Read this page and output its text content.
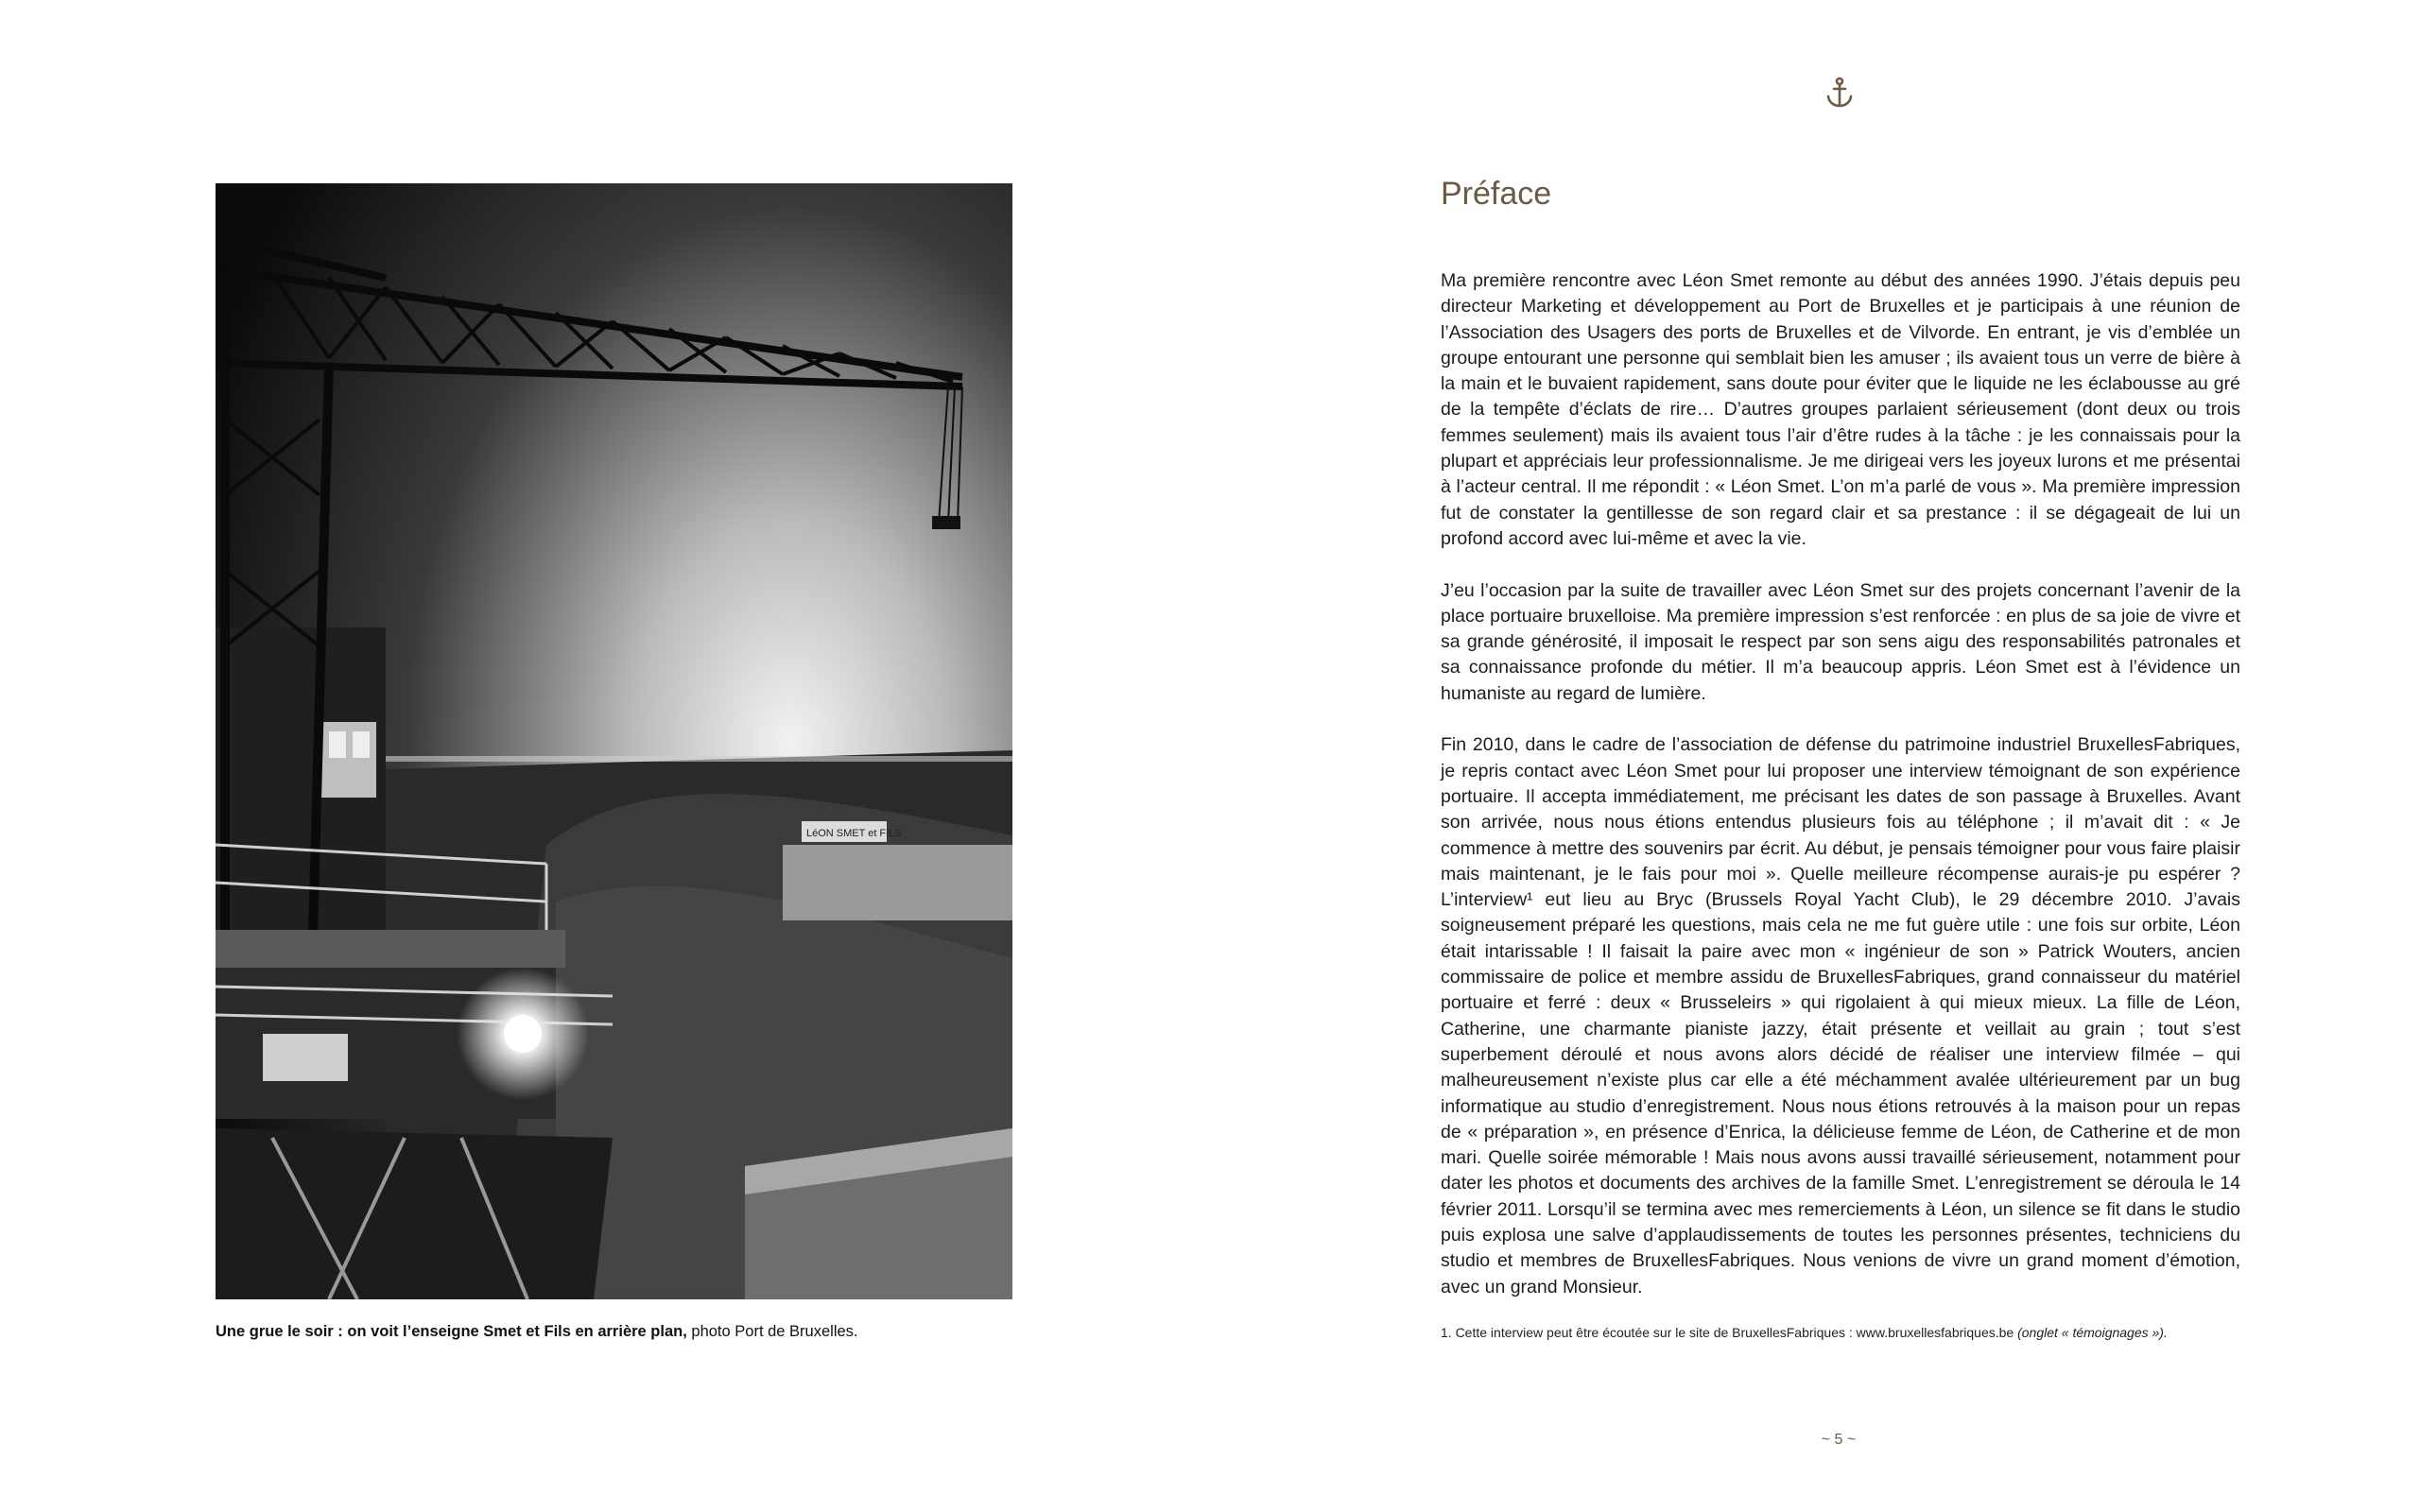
LéON SMET et FILS
Une grue le soir : on voit l’enseigne Smet et Fils en arrière plan, photo Port de Bruxelles.
Préface

Ma première rencontre avec Léon Smet remonte au début des années 1990. J’étais depuis peu directeur Marketing et développement au Port de Bruxelles et je participais à une réunion de l’Association des Usagers des ports de Bruxelles et de Vilvorde. En entrant, je vis d’emblée un groupe entourant une personne qui semblait bien les amuser ; ils avaient tous un verre de bière à la main et le buvaient rapidement, sans doute pour éviter que le liquide ne les éclabousse au gré de la tempête d’éclats de rire… D’autres groupes parlaient sérieusement (dont deux ou trois femmes seulement) mais ils avaient tous l’air d’être rudes à la tâche : je les connaissais pour la plupart et appréciais leur professionnalisme. Je me dirigeai vers les joyeux lurons et me présentai à l’acteur central. Il me répondit : « Léon Smet. L’on m’a parlé de vous ». Ma première impression fut de constater la gentillesse de son regard clair et sa prestance : il se dégageait de lui un profond accord avec lui-même et avec la vie.

J’eu l’occasion par la suite de travailler avec Léon Smet sur des projets concernant l’avenir de la place portuaire bruxelloise. Ma première impression s’est renforcée : en plus de sa joie de vivre et sa grande générosité, il imposait le respect par son sens aigu des responsabilités patronales et sa connaissance profonde du métier. Il m’a beaucoup appris. Léon Smet est à l’évidence un humaniste au regard de lumière.

Fin 2010, dans le cadre de l’association de défense du patrimoine industriel BruxellesFabriques, je repris contact avec Léon Smet pour lui proposer une interview témoignant de son expérience portuaire. Il accepta immédiatement, me précisant les dates de son passage à Bruxelles. Avant son arrivée, nous nous étions entendus plusieurs fois au téléphone ; il m’avait dit : « Je commence à mettre des souvenirs par écrit. Au début, je pensais témoigner pour vous faire plaisir mais maintenant, je le fais pour moi ». Quelle meilleure récompense aurais-je pu espérer ? L’interview¹ eut lieu au Bryc (Brussels Royal Yacht Club), le 29 décembre 2010. J’avais soigneusement préparé les questions, mais cela ne me fut guère utile : une fois sur orbite, Léon était intarissable ! Il faisait la paire avec mon « ingénieur de son » Patrick Wouters, ancien commissaire de police et membre assidu de BruxellesFabriques, grand connaisseur du matériel portuaire et ferré : deux « Brusseleirs » qui rigolaient à qui mieux mieux. La fille de Léon, Catherine, une charmante pianiste jazzy, était présente et veillait au grain ; tout s’est superbement déroulé et nous avons alors décidé de réaliser une interview filmée – qui malheureusement n’existe plus car elle a été méchamment avalée ultérieurement par un bug informatique au studio d’enregistrement. Nous nous étions retrouvés à la maison pour un repas de « préparation », en présence d’Enrica, la délicieuse femme de Léon, de Catherine et de mon mari. Quelle soirée mémorable ! Mais nous avons aussi travaillé sérieusement, notamment pour dater les photos et documents des archives de la famille Smet. L’enregistrement se déroula le 14 février 2011. Lorsqu’il se termina avec mes remerciements à Léon, un silence se fit dans le studio puis explosa une salve d’applaudissements de toutes les personnes présentes, techniciens du studio et membres de BruxellesFabriques. Nous venions de vivre un grand moment d’émotion, avec un grand Monsieur.

1. Cette interview peut être écoutée sur le site de BruxellesFabriques : www.bruxellesfabriques.be (onglet « témoignages »).
~ 5 ~
